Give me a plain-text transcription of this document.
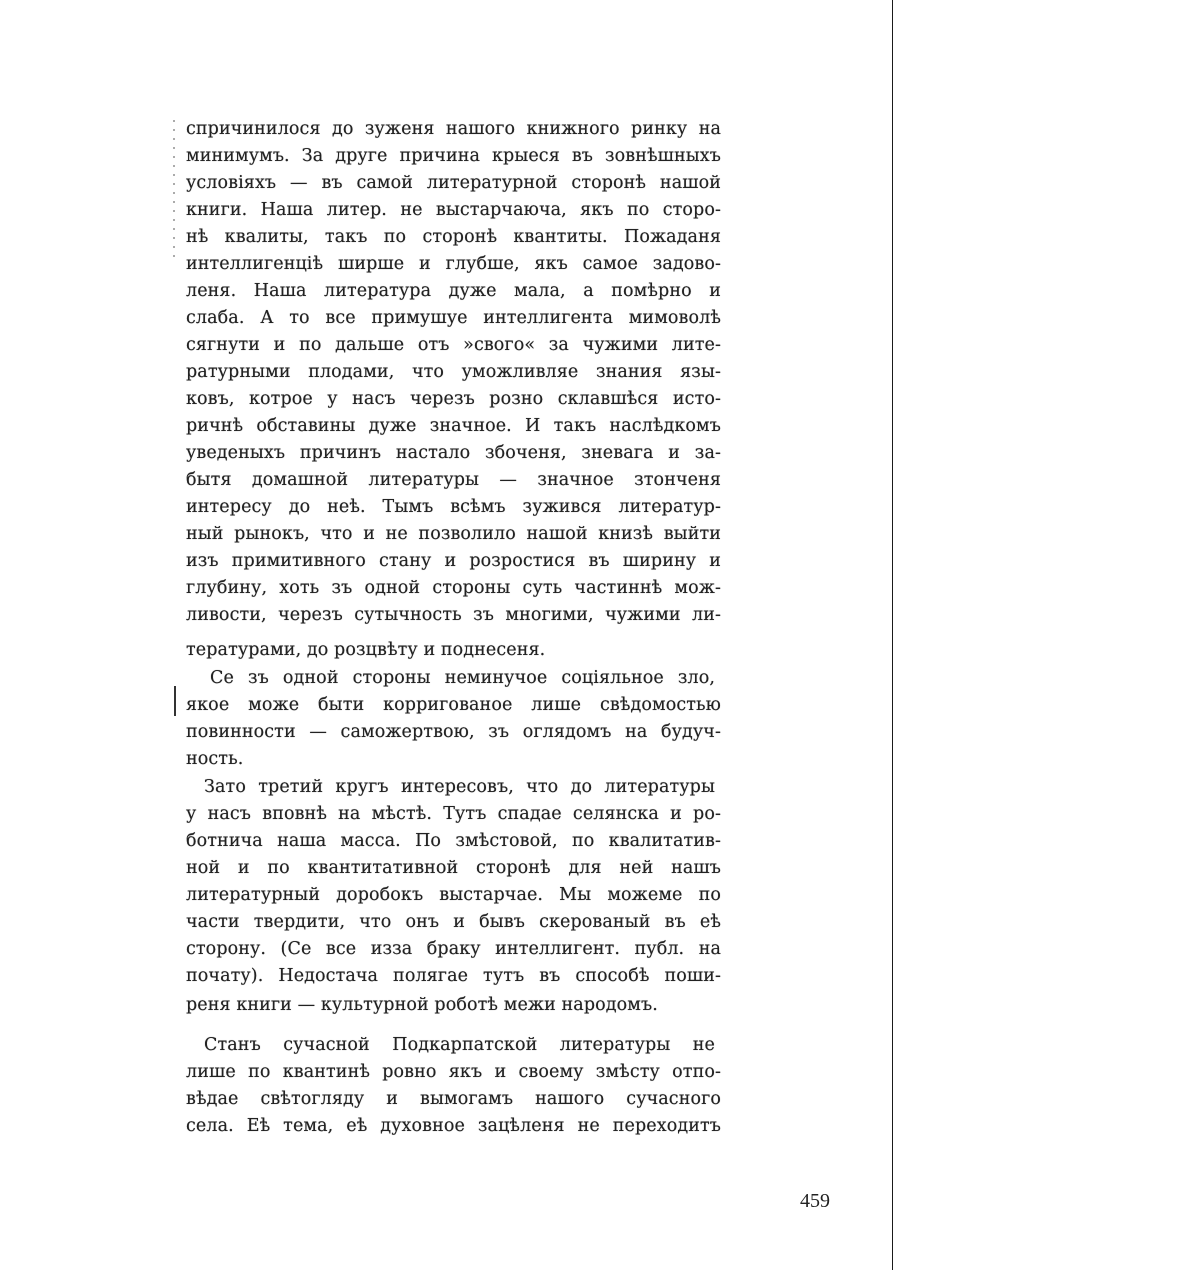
спричинилося до зуженя нашого книжного ринку на
минимумъ. За друге причина крыеся въ зовнѣшныхъ
условіяхъ — въ самой литературной сторонѣ нашой
книги. Наша литер. не выстарчаюча, якъ по сторо-
нѣ квалиты, такъ по сторонѣ квантиты. Пожаданя
интеллигенціѣ ширше и глубше, якъ самое задово-
леня. Наша литература дуже мала, а помѣрно и
слаба. А то все примушуе интеллигента мимоволѣ
сягнути и по дальше отъ »свого« за чужими лите-
ратурными плодами, что уможливляе знания язы-
ковъ, котрое у насъ черезъ розно склавшѣся исто-
ричнѣ обставины дуже значное. И такъ наслѣдкомъ
уведеныхъ причинъ настало збоченя, зневага и за-
бытя домашной литературы — значное зтонченя
интересу до неѣ. Тымъ всѣмъ зужився литератур-
ный рынокъ, что и не позволило нашой книзѣ выйти
изъ примитивного стану и розростися въ ширину и
глубину, хоть зъ одной стороны суть частиннѣ мож-
ливости, черезъ сутычность зъ многими, чужими ли-
тературами, до розцвѣту и поднесеня.
Се зъ одной стороны неминучое соціяльное зло,
якое може быти корригованое лише свѣдомостью
повинности — саможертвою, зъ оглядомъ на будуч-
ность.
Зато третий кругъ интересовъ, что до литературы
у насъ вповнѣ на мѣстѣ. Тутъ спадае селянска и ро-
ботнича наша масса. По змѣстовой, по квалитатив-
ной и по квантитативной сторонѣ для ней нашъ
литературный доробокъ выстарчае. Мы можеме по
части твердити, что онъ и бывъ скерованый въ еѣ
сторону. (Се все изза браку интеллигент. публ. на
почату). Недостача полягае тутъ въ способѣ поши-
реня книги — культурной роботѣ межи народомъ.
Станъ сучасной Подкарпатской литературы не
лише по квантинѣ ровно якъ и своему змѣсту отпо-
вѣдае свѣтогляду и вымогамъ нашого сучасного
села. Еѣ тема, еѣ духовное зацѣленя не переходитъ
459
